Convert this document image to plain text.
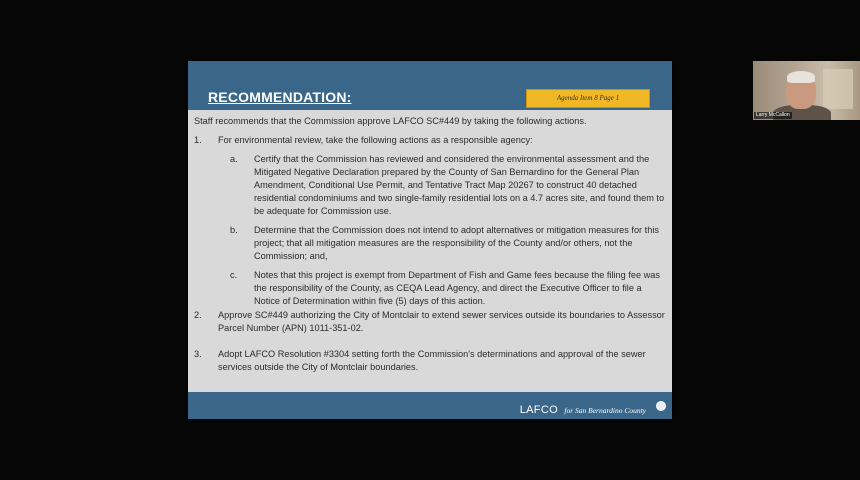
RECOMMENDATION:	Agenda Item 8 Page 1
Staff recommends that the Commission approve LAFCO SC#449 by taking the following actions.
1.	For environmental review, take the following actions as a responsible agency:
a. Certify that the Commission has reviewed and considered the environmental assessment and the Mitigated Negative Declaration prepared by the County of San Bernardino for the General Plan Amendment, Conditional Use Permit, and Tentative Tract Map 20267 to construct 40 detached residential condominiums and two single-family residential lots on a 4.7 acres site, and found them to be adequate for Commission use.
b. Determine that the Commission does not intend to adopt alternatives or mitigation measures for this project; that all mitigation measures are the responsibility of the County and/or others, not the Commission; and,
c. Notes that this project is exempt from Department of Fish and Game fees because the filing fee was the responsibility of the County, as CEQA Lead Agency, and direct the Executive Officer to file a Notice of Determination within five (5) days of this action.
2.	Approve SC#449 authorizing the City of Montclair to extend sewer services outside its boundaries to Assessor Parcel Number (APN) 1011-351-02.
3.	Adopt LAFCO Resolution #3304 setting forth the Commission's determinations and approval of the sewer services outside the City of Montclair boundaries.
LAFCO for San Bernardino County
Larry McCallon
